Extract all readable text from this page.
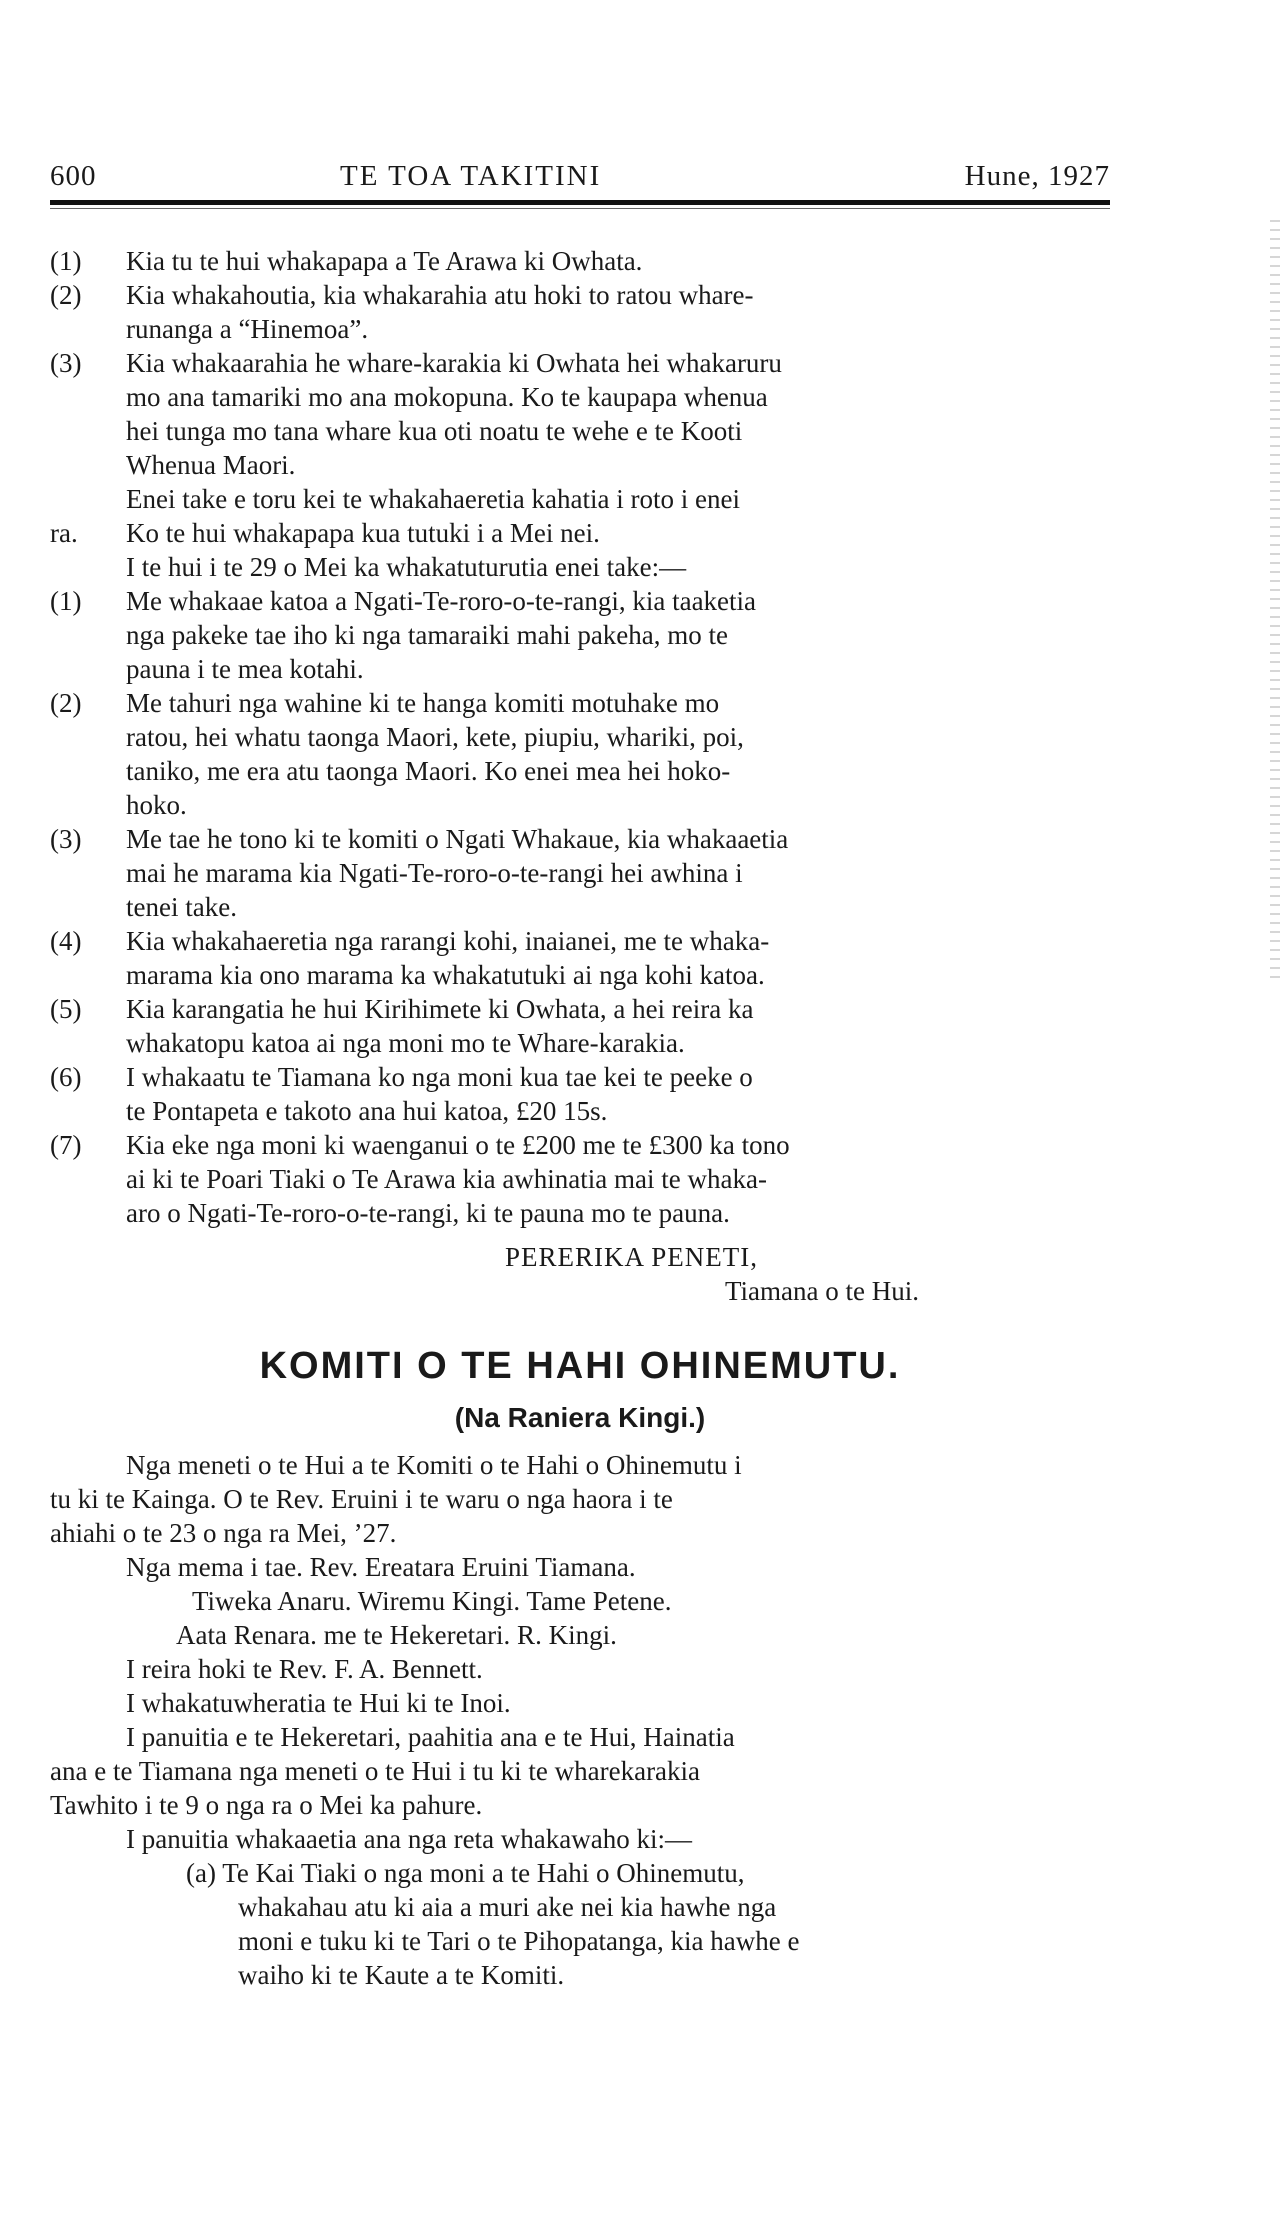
600	TE TOA TAKITINI	Hune, 1927
(1) Kia tu te hui whakapapa a Te Arawa ki Owhata.
(2) Kia whakahoutia, kia whakarahia atu hoki to ratou whare-
runanga a “Hinemoa”.
(3) Kia whakaarahia he whare-karakia ki Owhata hei whakaruru
mo ana tamariki mo ana mokopuna. Ko te kaupapa whenua
hei tunga mo tana whare kua oti noatu te wehe e te Kooti
Whenua Maori.
Enei take e toru kei te whakahaeretia kahatia i roto i enei
ra. Ko te hui whakapapa kua tutuki i a Mei nei.
I te hui i te 29 o Mei ka whakatuturutia enei take:—
(1) Me whakaae katoa a Ngati-Te-roro-o-te-rangi, kia taaketia
nga pakeke tae iho ki nga tamaraiki mahi pakeha, mo te
pauna i te mea kotahi.
(2) Me tahuri nga wahine ki te hanga komiti motuhake mo
ratou, hei whatu taonga Maori, kete, piupiu, whariki, poi,
taniko, me era atu taonga Maori. Ko enei mea hei hoko-
hoko.
(3) Me tae he tono ki te komiti o Ngati Whakaue, kia whakaaetia
mai he marama kia Ngati-Te-roro-o-te-rangi hei awhina i
tenei take.
(4) Kia whakahaeretia nga rarangi kohi, inaianei, me te whaka-
marama kia ono marama ka whakatutuki ai nga kohi katoa.
(5) Kia karangatia he hui Kirihimete ki Owhata, a hei reira ka
whakatopu katoa ai nga moni mo te Whare-karakia.
(6) I whakaatu te Tiamana ko nga moni kua tae kei te peeke o
te Pontapeta e takoto ana hui katoa, £20 15s.
(7) Kia eke nga moni ki waenganui o te £200 me te £300 ka tono
ai ki te Poari Tiaki o Te Arawa kia awhinatia mai te whaka-
aro o Ngati-Te-roro-o-te-rangi, ki te pauna mo te pauna.
PERERIKA PENETI,
Tiamana o te Hui.
KOMITI O TE HAHI OHINEMUTU.
(Na Raniera Kingi.)
Nga meneti o te Hui a te Komiti o te Hahi o Ohinemutu i
tu ki te Kainga. O te Rev. Eruini i te waru o nga haora i te
ahiahi o te 23 o nga ra Mei, ’27.
Nga mema i tae. Rev. Ereatara Eruini Tiamana.
Tiweka Anaru. Wiremu Kingi. Tame Petene.
Aata Renara. me te Hekeretari. R. Kingi.
I reira hoki te Rev. F. A. Bennett.
I whakatuwheratia te Hui ki te Inoi.
I panuitia e te Hekeretari, paahitia ana e te Hui, Hainatia
ana e te Tiamana nga meneti o te Hui i tu ki te wharekarakia
Tawhito i te 9 o nga ra o Mei ka pahure.
I panuitia whakaaetia ana nga reta whakawaho ki:—
(a) Te Kai Tiaki o nga moni a te Hahi o Ohinemutu,
whakahau atu ki aia a muri ake nei kia hawhe nga
moni e tuku ki te Tari o te Pihopatanga, kia hawhe e
waiho ki te Kaute a te Komiti.
